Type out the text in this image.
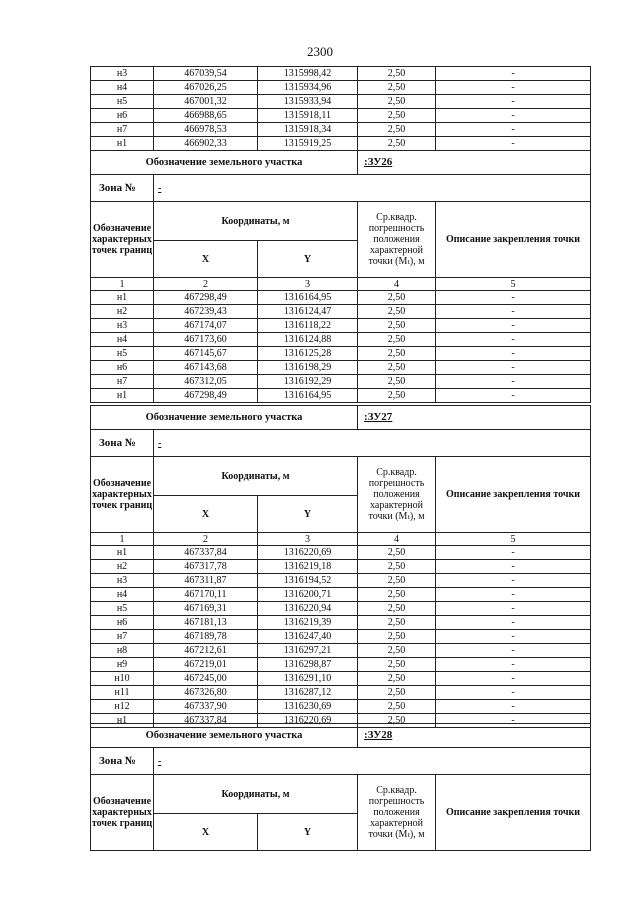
2300
н3	467039,54	1315998,42	2,50	-
н4	467026,25	1315934,96	2,50	-
н5	467001,32	1315933,94	2,50	-
н6	466988,65	1315918,11	2,50	-
н7	466978,53	1315918,34	2,50	-
н1	466902,33	1315919,25	2,50	-
Обозначение земельного участка			:ЗУ26	
Зона №	-			
Обозначение характерных точек границ	Координаты, м		Ср.квадр. погрешность положения характерной точки (Mₜ), м	Описание закрепления точки
	X	Y		
1	2	3	4	5
н1	467298,49	1316164,95	2,50	-
н2	467239,43	1316124,47	2,50	-
н3	467174,07	1316118,22	2,50	-
н4	467173,60	1316124,88	2,50	-
н5	467145,67	1316125,28	2,50	-
н6	467143,68	1316198,29	2,50	-
н7	467312,05	1316192,29	2,50	-
н1	467298,49	1316164,95	2,50	-
Обозначение земельного участка			:ЗУ27	
Зона №	-			
Обозначение характерных точек границ	Координаты, м		Ср.квадр. погрешность положения характерной точки (Mₜ), м	Описание закрепления точки
	X	Y		
1	2	3	4	5
н1	467337,84	1316220,69	2,50	-
н2	467317,78	1316219,18	2,50	-
н3	467311,87	1316194,52	2,50	-
н4	467170,11	1316200,71	2,50	-
н5	467169,31	1316220,94	2,50	-
н6	467181,13	1316219,39	2,50	-
н7	467189,78	1316247,40	2,50	-
н8	467212,61	1316297,21	2,50	-
н9	467219,01	1316298,87	2,50	-
н10	467245,00	1316291,10	2,50	-
н11	467326,80	1316287,12	2,50	-
н12	467337,90	1316230,69	2,50	-
н1	467337,84	1316220,69	2,50	-
Обозначение земельного участка			:ЗУ28	
Зона №	-			
Обозначение характерных точек границ	Координаты, м		Ср.квадр. погрешность положения характерной точки (Mₜ), м	Описание закрепления точки
	X	Y		
